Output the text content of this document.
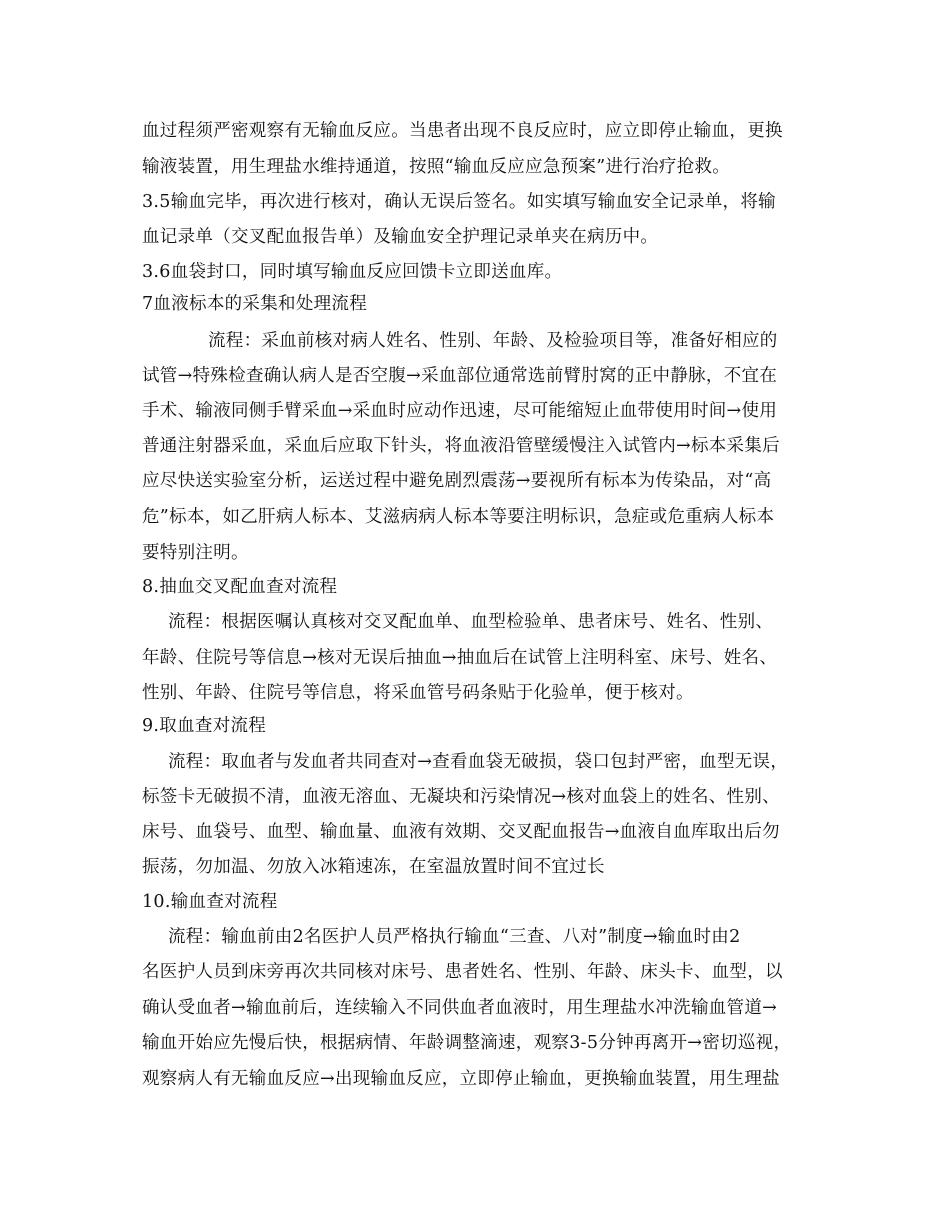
血过程须严密观察有无输血反应。当患者出现不良反应时，应立即停止输血，更换

输液装置，用生理盐水维持通道，按照“输血反应应急预案”进行治疗抢救。

3.5输血完毕，再次进行核对，确认无误后签名。如实填写输血安全记录单，将输

血记录单（交叉配血报告单）及输血安全护理记录单夹在病历中。

3.6血袋封口，同时填写输血反应回馈卡立即送血库。

7血液标本的采集和处理流程

流程：采血前核对病人姓名、性别、年龄、及检验项目等，准备好相应的

试管→特殊检查确认病人是否空腹→采血部位通常选前臂肘窝的正中静脉，不宜在

手术、输液同侧手臂采血→采血时应动作迅速，尽可能缩短止血带使用时间→使用

普通注射器采血，采血后应取下针头，将血液沿管壁缓慢注入试管内→标本采集后

应尽快送实验室分析，运送过程中避免剧烈震荡→要视所有标本为传染品，对“高

危”标本，如乙肝病人标本、艾滋病病人标本等要注明标识，急症或危重病人标本

要特别注明。

8.抽血交叉配血查对流程

流程：根据医嘱认真核对交叉配血单、血型检验单、患者床号、姓名、性别、

年龄、住院号等信息→核对无误后抽血→抽血后在试管上注明科室、床号、姓名、

性别、年龄、住院号等信息，将采血管号码条贴于化验单，便于核对。

9.取血查对流程

流程：取血者与发血者共同查对→查看血袋无破损，袋口包封严密，血型无误，

标签卡无破损不清，血液无溶血、无凝块和污染情况→核对血袋上的姓名、性别、

床号、血袋号、血型、输血量、血液有效期、交叉配血报告→血液自血库取出后勿

振荡，勿加温、勿放入冰箱速冻，在室温放置时间不宜过长

10.输血查对流程

流程：输血前由2名医护人员严格执行输血“三查、八对”制度→输血时由2

名医护人员到床旁再次共同核对床号、患者姓名、性别、年龄、床头卡、血型，以

确认受血者→输血前后，连续输入不同供血者血液时，用生理盐水冲洗输血管道→

输血开始应先慢后快，根据病情、年龄调整滴速，观察3-5分钟再离开→密切巡视，

观察病人有无输血反应→出现输血反应，立即停止输血，更换输血装置，用生理盐
